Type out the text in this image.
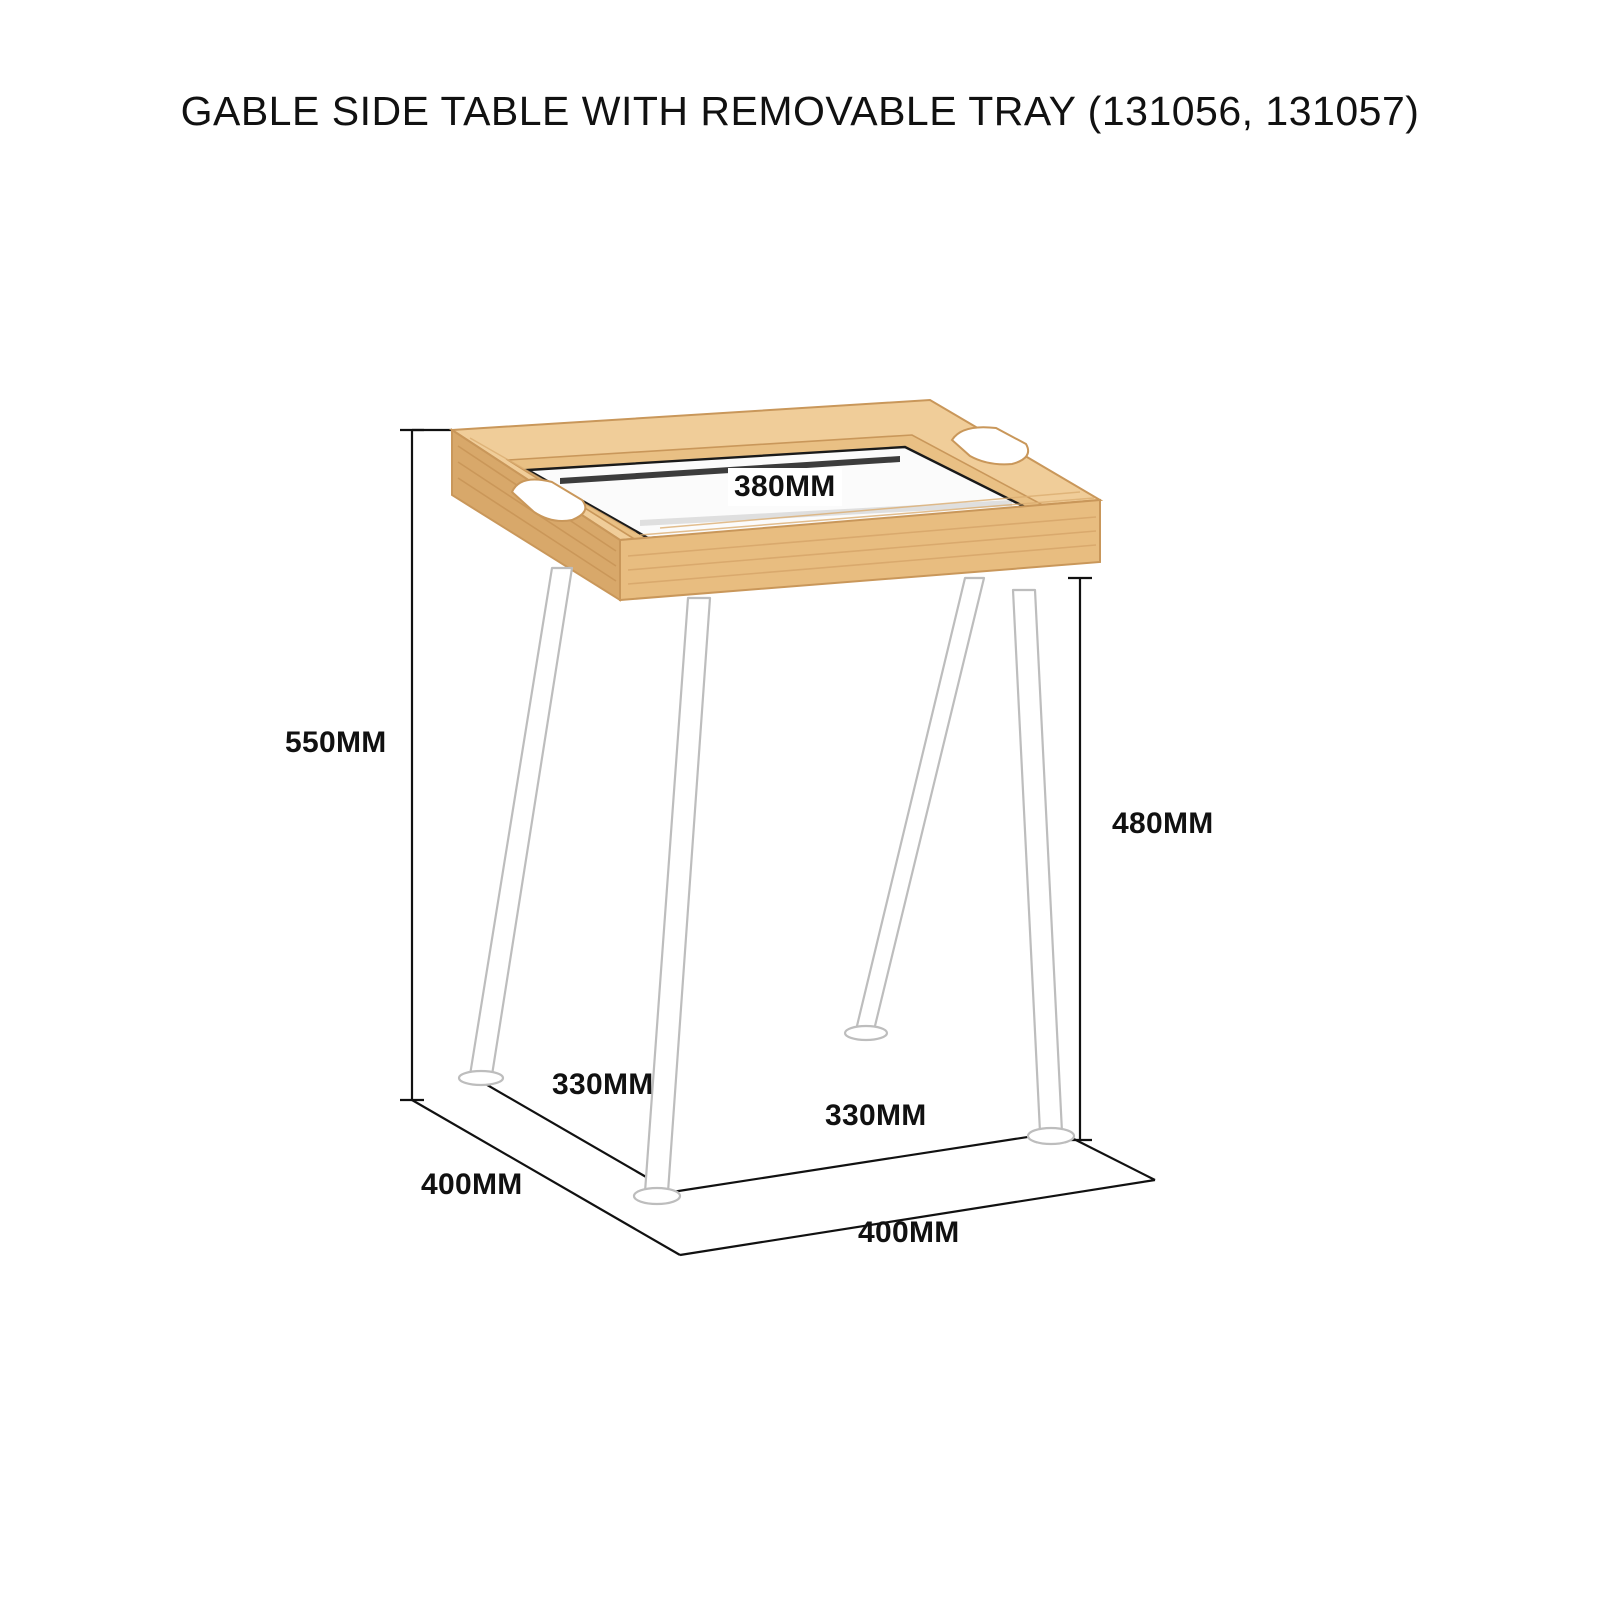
GABLE SIDE TABLE WITH REMOVABLE TRAY (131056, 131057)
380MM
550MM
480MM
330MM
330MM
400MM
400MM
